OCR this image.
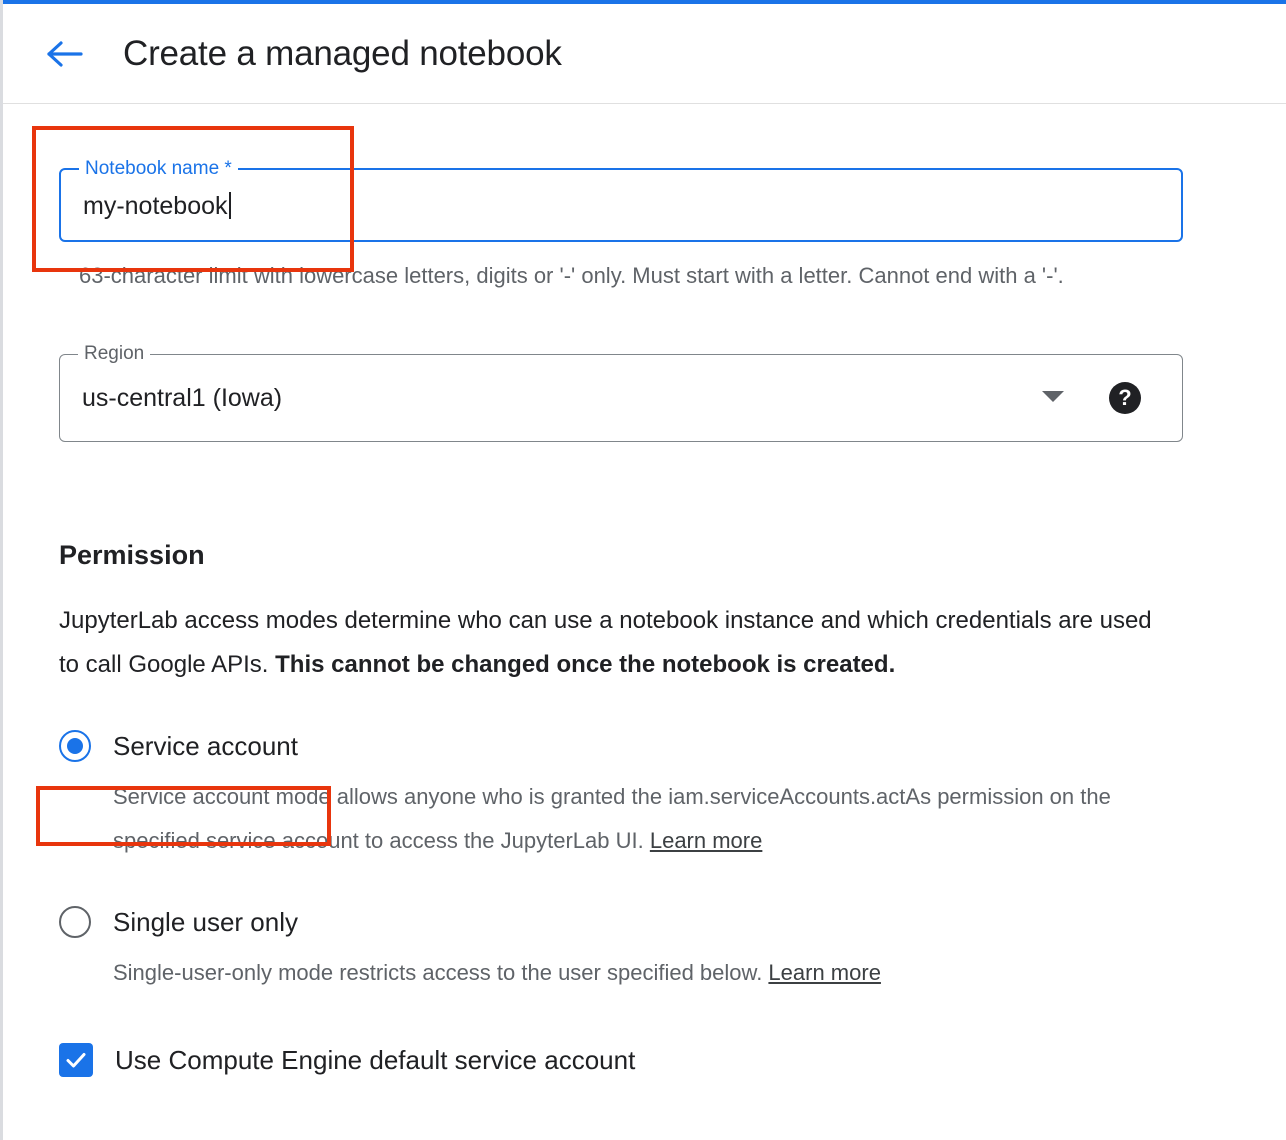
Create a managed notebook
Notebook name *
my-notebook
63-character limit with lowercase letters, digits or '-' only. Must start with a letter. Cannot end with a '-'.
Region
us-central1 (Iowa)	?
Permission
JupyterLab access modes determine who can use a notebook instance and which credentials are used to call Google APIs. This cannot be changed once the notebook is created.
Service account
Service account mode allows anyone who is granted the iam.serviceAccounts.actAs permission on the specified service account to access the JupyterLab UI. Learn more
Single user only
Single-user-only mode restricts access to the user specified below. Learn more
Use Compute Engine default service account
